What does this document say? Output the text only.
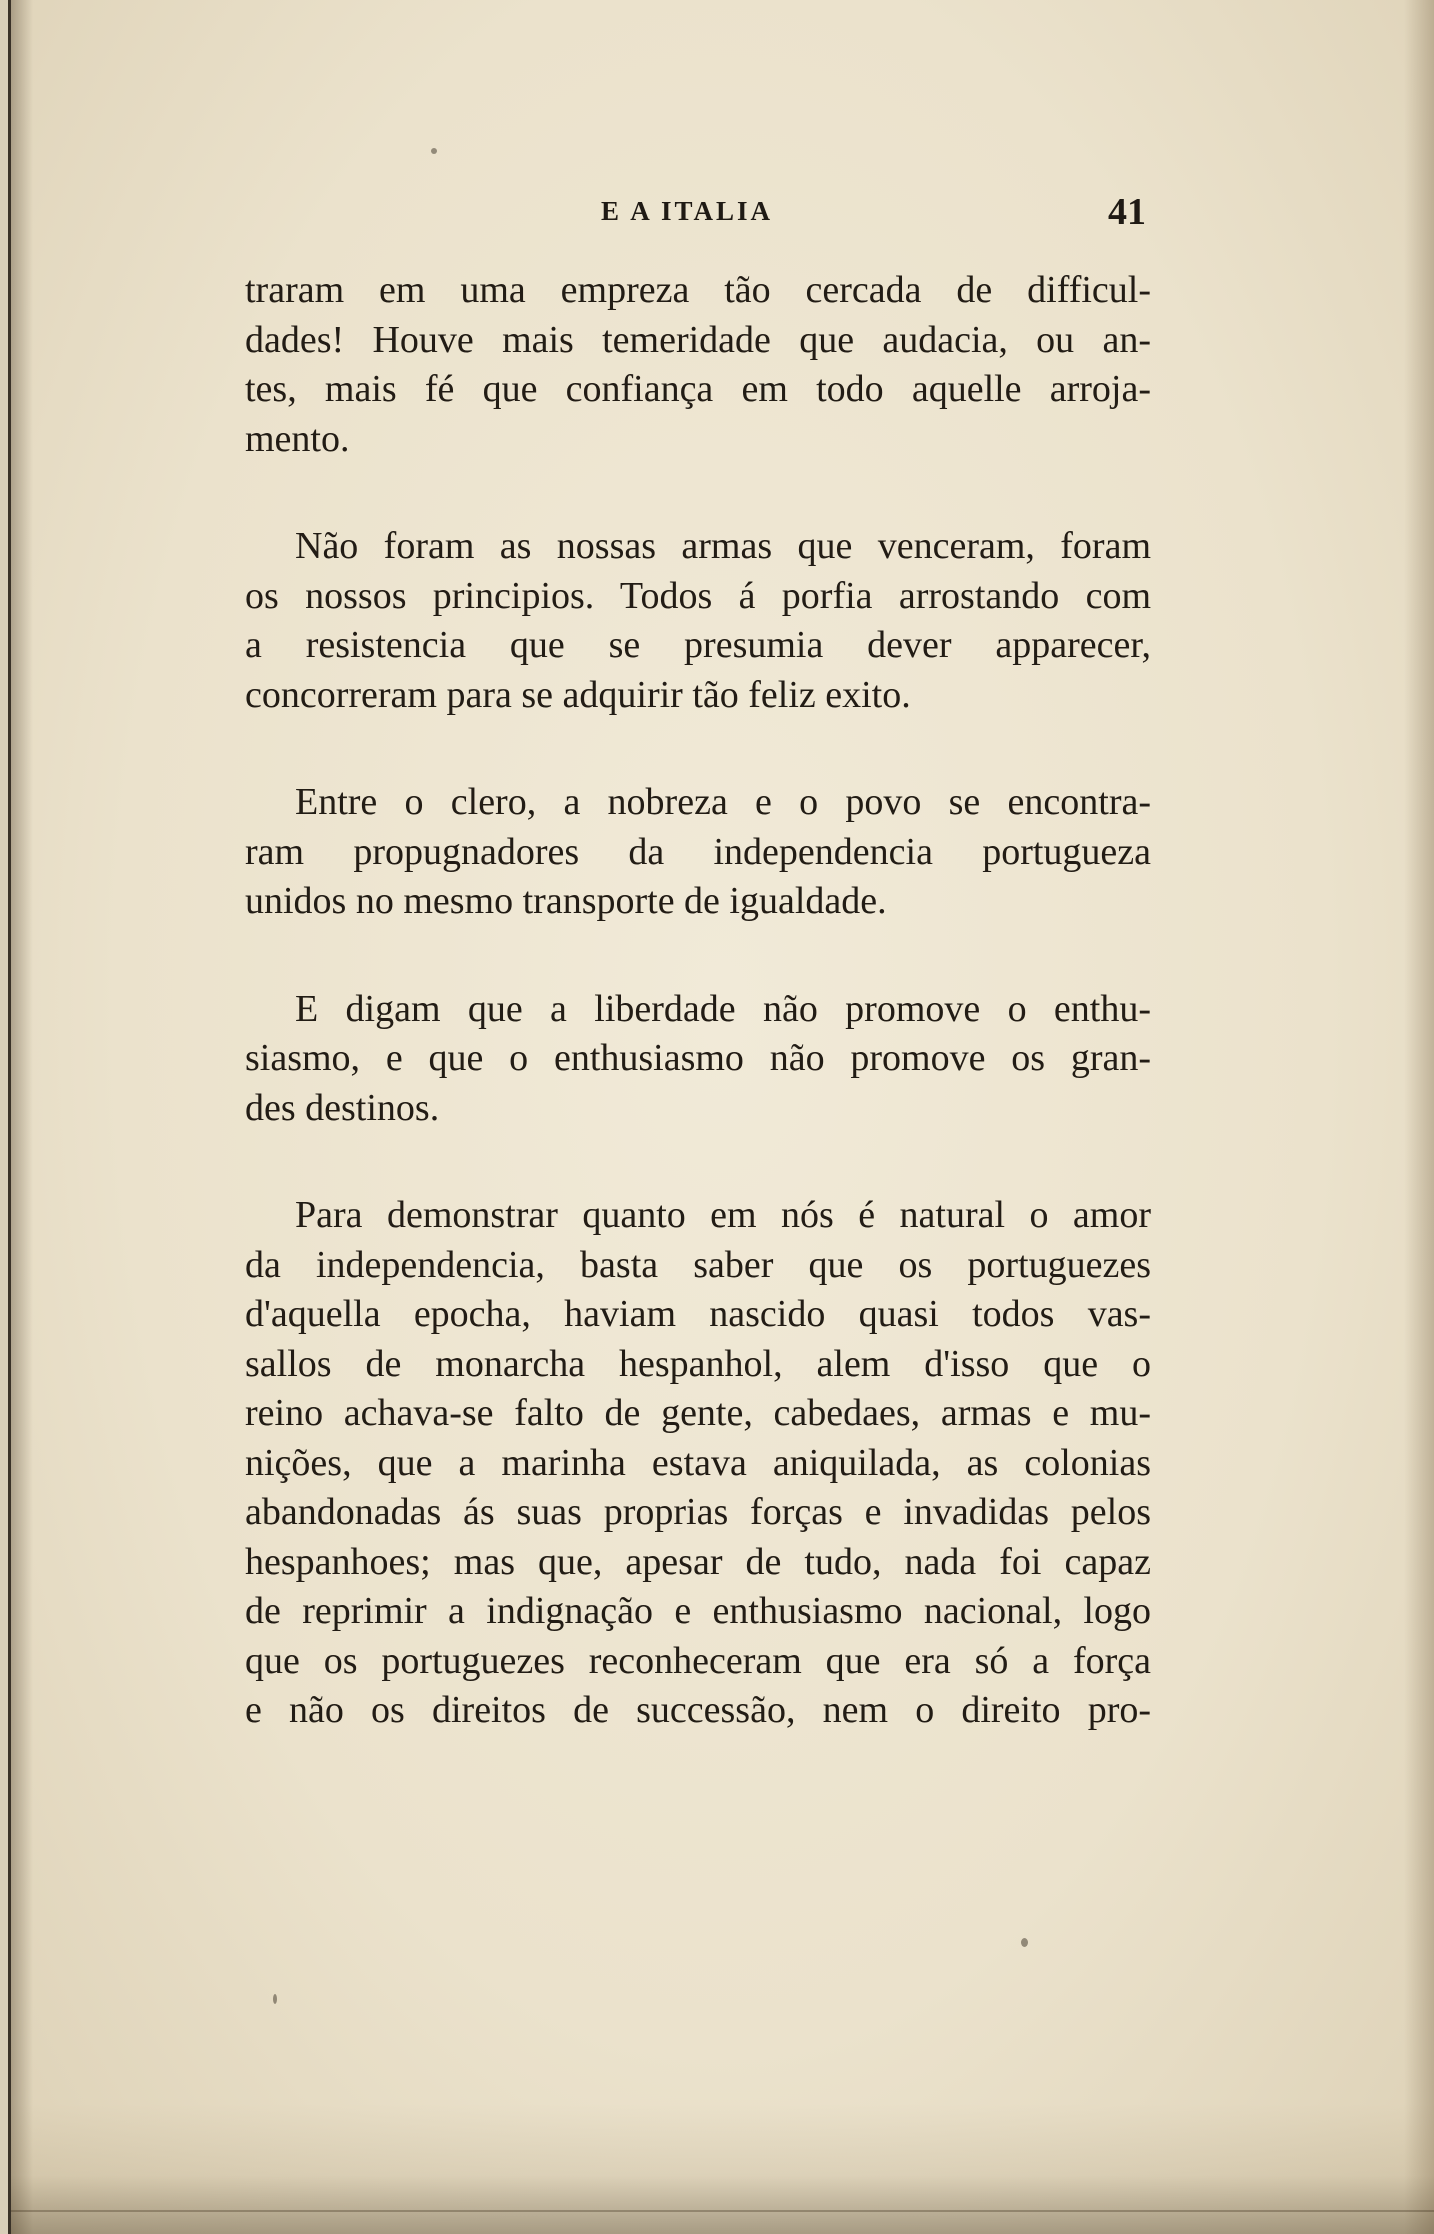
E A ITALIA	41

traram em uma empreza tão cercada de difficul-
dades! Houve mais temeridade que audacia, ou an-
tes, mais fé que confiança em todo aquelle arroja-
mento.

Não foram as nossas armas que venceram, foram
os nossos principios. Todos á porfia arrostando com
a resistencia que se presumia dever apparecer,
concorreram para se adquirir tão feliz exito.

Entre o clero, a nobreza e o povo se encontra-
ram propugnadores da independencia portugueza
unidos no mesmo transporte de igualdade.

E digam que a liberdade não promove o enthu-
siasmo, e que o enthusiasmo não promove os gran-
des destinos.

Para demonstrar quanto em nós é natural o amor
da independencia, basta saber que os portuguezes
d'aquella epocha, haviam nascido quasi todos vas-
sallos de monarcha hespanhol, alem d'isso que o
reino achava-se falto de gente, cabedaes, armas e mu-
nições, que a marinha estava aniquilada, as colonias
abandonadas ás suas proprias forças e invadidas pelos
hespanhoes; mas que, apesar de tudo, nada foi capaz
de reprimir a indignação e enthusiasmo nacional, logo
que os portuguezes reconheceram que era só a força
e não os direitos de successão, nem o direito pro-
